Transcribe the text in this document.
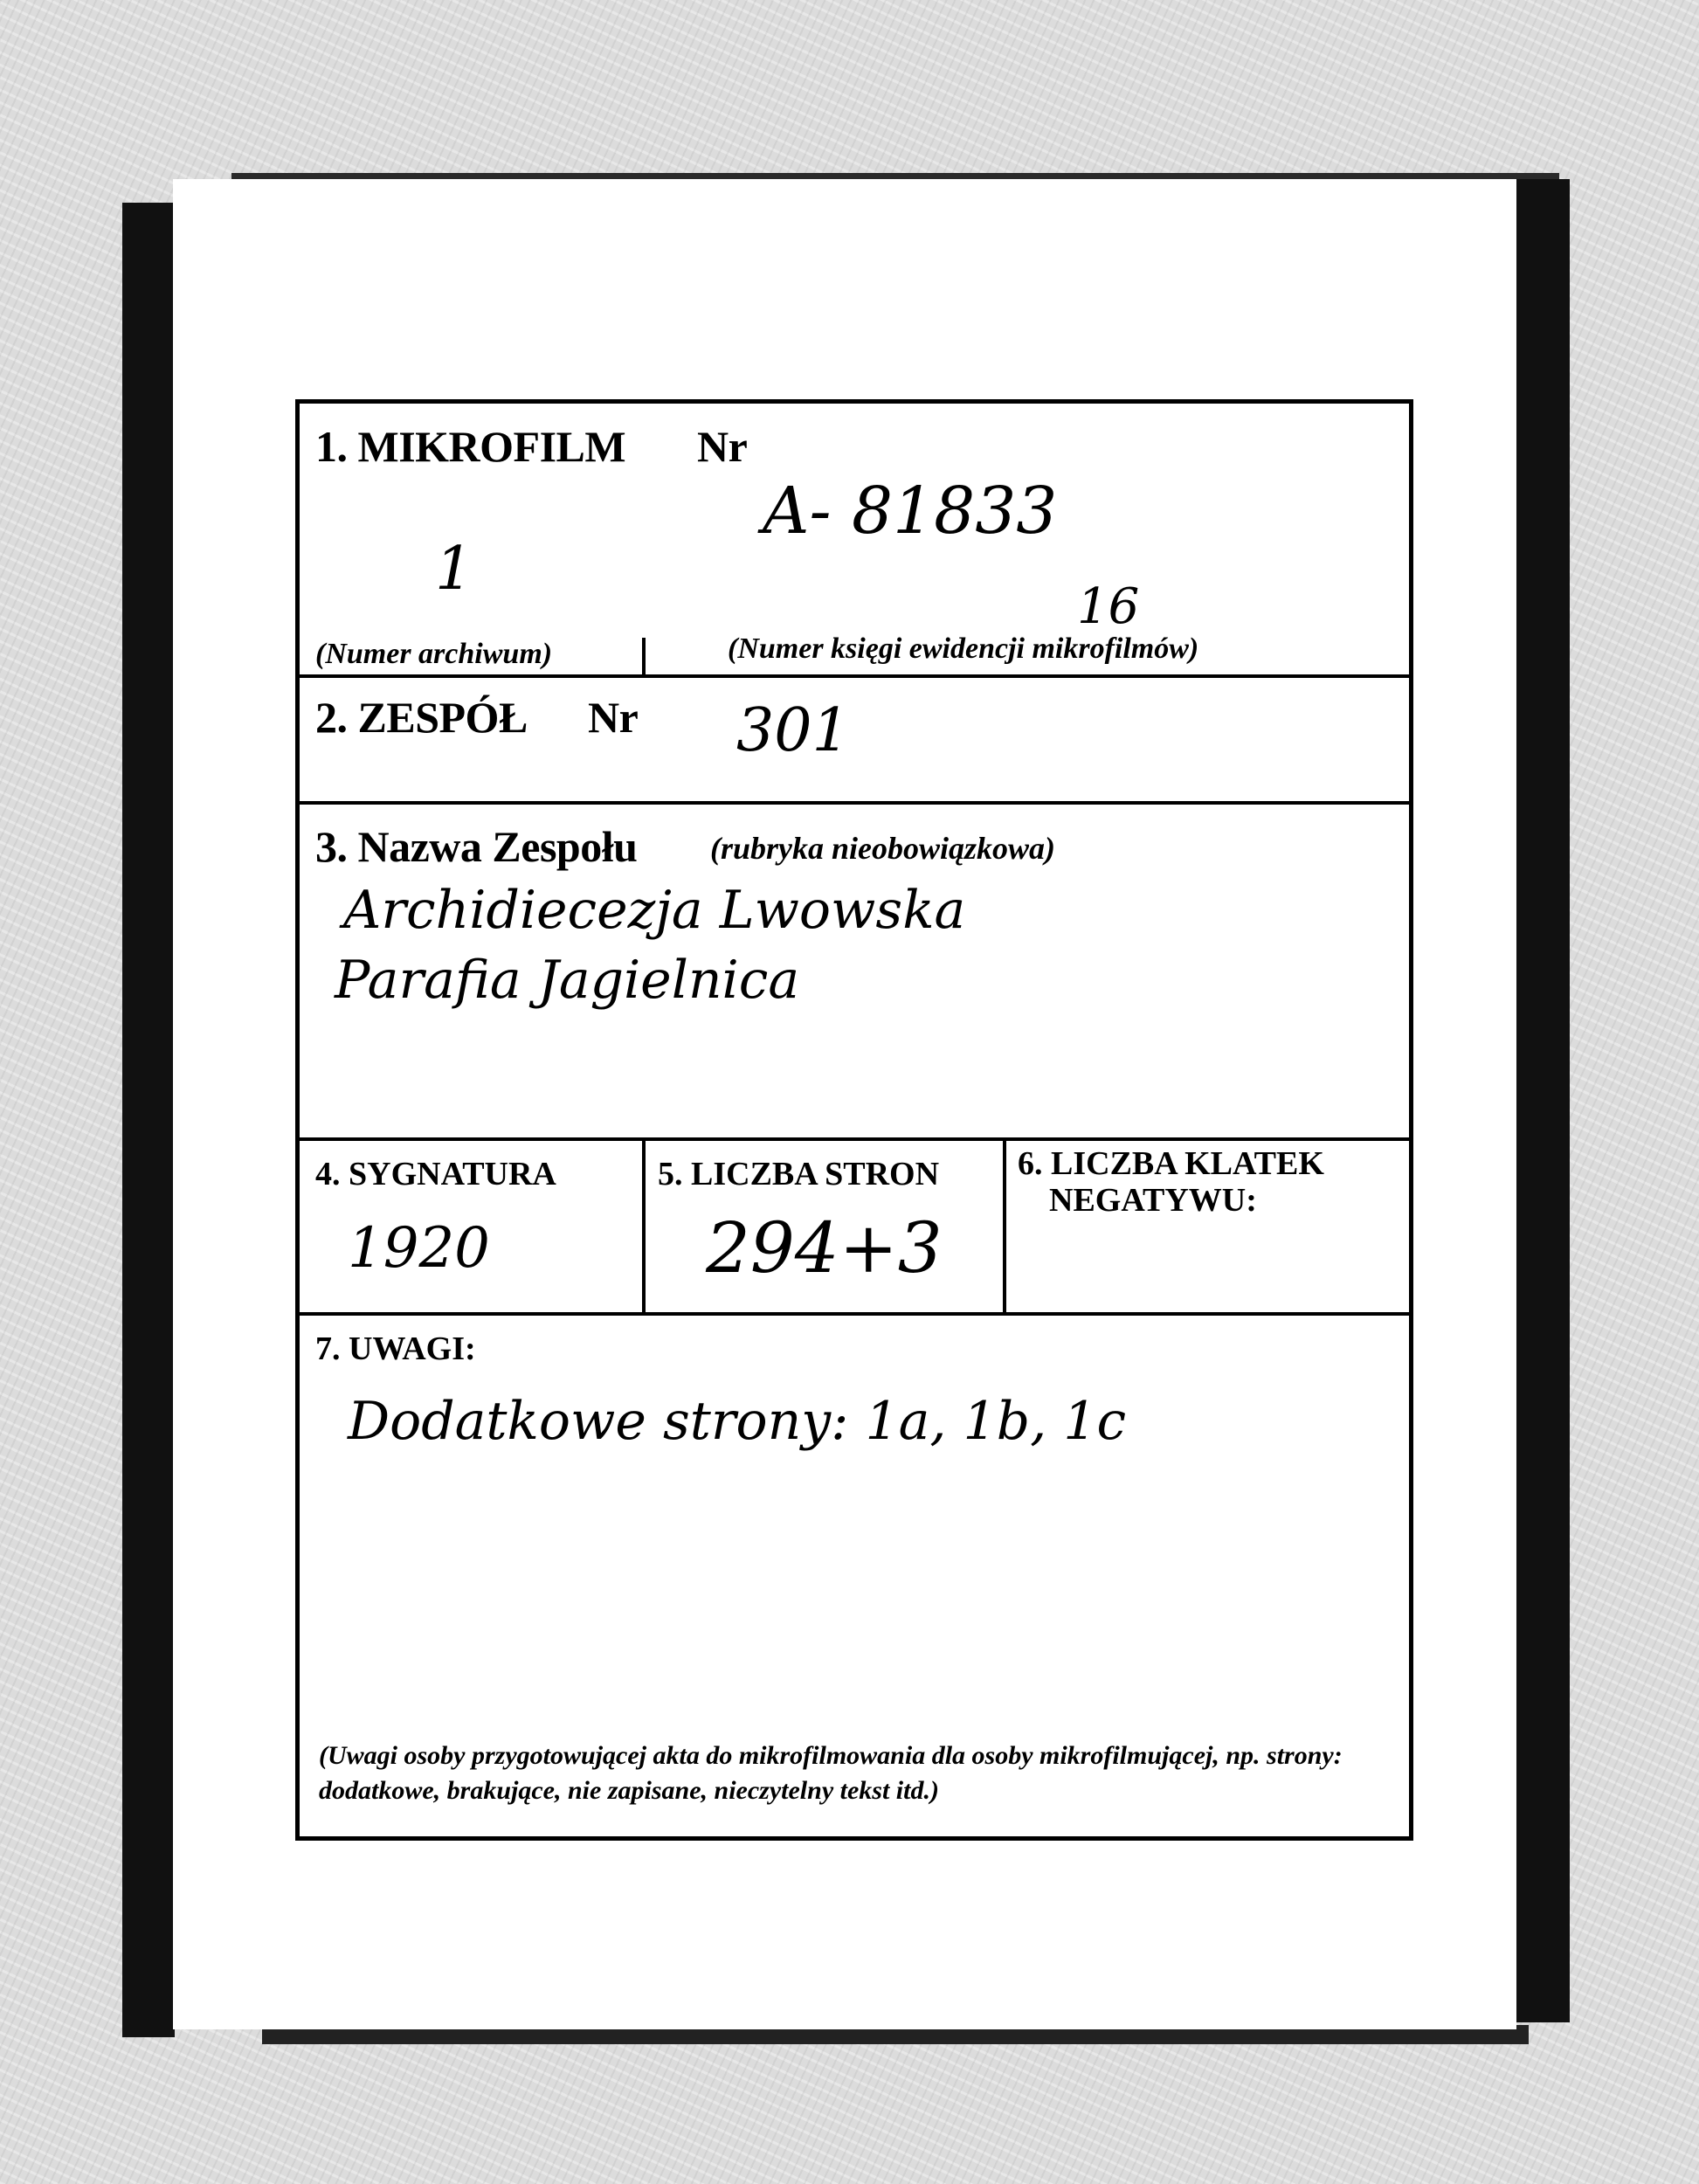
1. MIKROFILM Nr
A- 81833
1
16
(Numer archiwum)	(Numer księgi ewidencji mikrofilmów)
2. ZESPÓŁ Nr 301
3. Nazwa Zespołu (rubryka nieobowiązkowa)
Archidiecezja Lwowska
Parafia Jagielnica
4. SYGNATURA
1920
5. LICZBA STRON
294+3
6. LICZBA KLATEK
NEGATYWU:
7. UWAGI:
Dodatkowe strony: 1a, 1b, 1c
(Uwagi osoby przygotowującej akta do mikrofilmowania dla osoby mikrofilmującej, np. strony: dodatkowe, brakujące, nie zapisane, nieczytelny tekst itd.)
